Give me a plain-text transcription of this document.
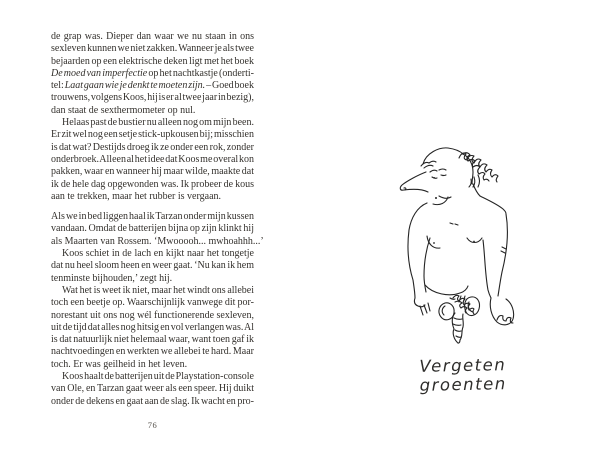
de grap was. Dieper dan waar we nu staan in ons
sexleven kunnen we niet zakken. Wanneer je als twee
bejaarden op een elektrische deken ligt met het boek
De moed van imperfectie op het nachtkastje (onderti-
tel: Laat gaan wie je denkt te moeten zijn. – Goed boek
trouwens, volgens Koos, hij is er al twee jaar in bezig),
dan staat de sexthermometer op nul.
Helaas past de bustier nu alleen nog om mijn been.
Er zit wel nog een setje stick-upkousen bij; misschien
is dat wat? Destijds droeg ik ze onder een rok, zonder
onderbroek. Alleen al het idee dat Koos me overal kon
pakken, waar en wanneer hij maar wilde, maakte dat
ik de hele dag opgewonden was. Ik probeer de kous
aan te trekken, maar het rubber is vergaan.
Als we in bed liggen haal ik Tarzan onder mijn kussen
vandaan. Omdat de batterijen bijna op zijn klinkt hij
als Maarten van Rossem. ‘Mwooooh... mwhoahhh...’
Koos schiet in de lach en kijkt naar het tongetje
dat nu heel sloom heen en weer gaat. ‘Nu kan ik hem
tenminste bijhouden,’ zegt hij.
Wat het is weet ik niet, maar het windt ons allebei
toch een beetje op. Waarschijnlijk vanwege dit por-
norestant uit ons nog wél functionerende sexleven,
uit de tijd dat alles nog hitsig en vol verlangen was. Al
is dat natuurlijk niet helemaal waar, want toen gaf ik
nachtvoedingen en werkten we allebei te hard. Maar
toch. Er was geilheid in het leven.
Koos haalt de batterijen uit de Playstation-console
van Ole, en Tarzan gaat weer als een speer. Hij duikt
onder de dekens en gaat aan de slag. Ik wacht en pro-
76
Vergeten groenten
